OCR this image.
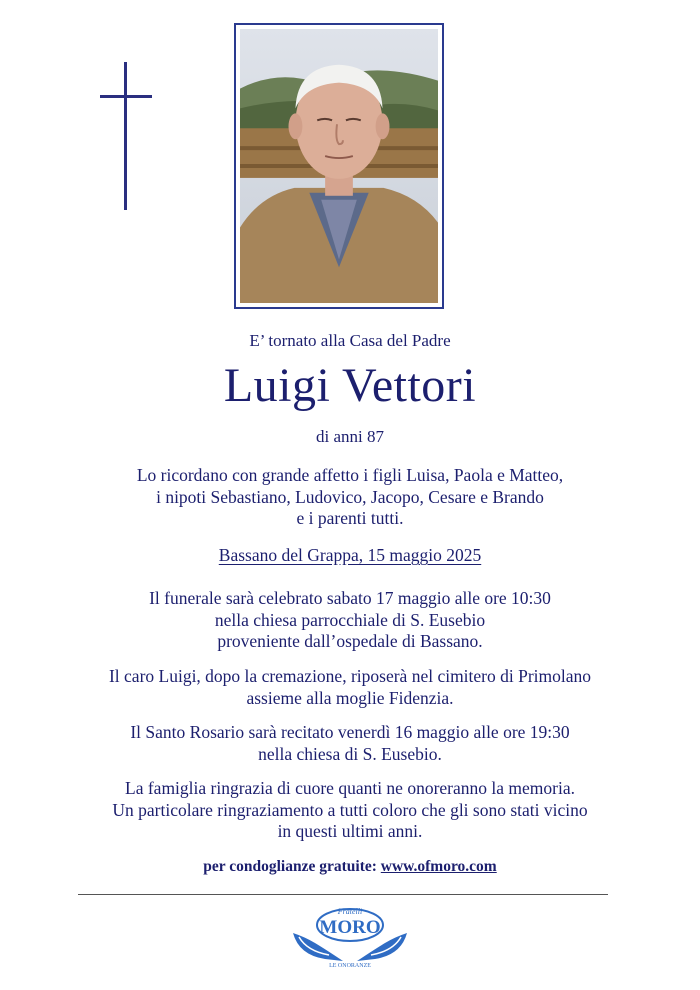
E’ tornato alla Casa del Padre
Luigi Vettori
di anni 87
Lo ricordano con grande affetto i figli Luisa, Paola e Matteo,
i nipoti Sebastiano, Ludovico, Jacopo, Cesare e Brando
e i parenti tutti.
Bassano del Grappa, 15 maggio 2025
Il funerale sarà celebrato sabato 17 maggio alle ore 10:30
nella chiesa parrocchiale di S. Eusebio
proveniente dall’ospedale di Bassano.
Il caro Luigi, dopo la cremazione, riposerà nel cimitero di Primolano
assieme alla moglie Fidenzia.
Il Santo Rosario sarà recitato venerdì 16 maggio alle ore 19:30
nella chiesa di S. Eusebio.
La famiglia ringrazia di cuore quanti ne onoreranno la memoria.
Un particolare ringraziamento a tutti coloro che gli sono stati vicino
in questi ultimi anni.
per condoglianze gratuite: www.ofmoro.com
Fratelli
MORO
LE ONORANZE
